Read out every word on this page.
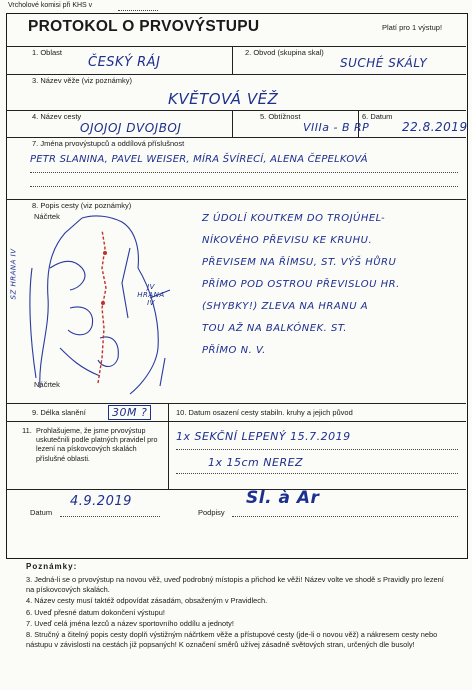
Vrcholové komisi při KHS v
PROTOKOL O PRVOVÝSTUPU	Platí pro 1 výstup!
1. Oblast
ČESKÝ RÁJ
2. Obvod (skupina skal)
SUCHÉ SKÁLY
3. Název věže (viz poznámky)
KVĚTOVÁ VĚŽ
4. Název cesty
OJOJOJ DVOJBOJ
5. Obtížnost
VIIIa - B RP
6. Datum
22.8.2019
7. Jména prvovýstupců a oddílová příslušnost
PETR SLANINA, PAVEL WEISER, MÍRA ŠVÍRECÍ, ALENA ČEPELKOVÁ
8. Popis cesty (viz poznámky)
Náčrtek
SZ HRANA IV	JV HRANA IV
Náčrtek
Z ÚDOLÍ KOUTKEM DO TROJÚHEL-
NÍKOVÉHO PŘEVISU KE KRUHU.
PŘEVISEM NA ŘÍMSU, ST. VÝŠ HŮRU
PŘÍMO POD OSTROU PŘEVISLOU HR.
(SHYBKY!) ZLEVA NA HRANU A
TOU AŽ NA BALKÓNEK. ST.
PŘÍMO N. V.
9. Délka slanění	30M ?	10. Datum osazení cesty stabiln. kruhy a jejich původ
11. Prohlašujeme, že jsme prvovýstup uskutečnili podle platných pravidel pro lezení na pískovcových skalách příslušné oblasti.
1x SEKČNÍ LEPENÝ 15.7.2019
1x 15cm NEREZ
Datum
4.9.2019
Podpisy
Sl. à Ar
Poznámky:
3. Jedná-li se o prvovýstup na novou věž, uveď podrobný místopis a přichod ke věži! Název volte ve shodě s Pravidly pro lezení na pískovcových skalách.
4. Název cesty musí taktéž odpovídat zásadám, obsaženým v Pravidlech.
6. Uveď přesné datum dokončení výstupu!
7. Uveď celá jména lezců a název sportovního oddílu a jednoty!
8. Stručný a čitelný popis cesty doplň výstižným náčrtkem věže a přístupové cesty (jde-li o novou věž) a nákresem cesty nebo nástupu v závislosti na cestách již popsaných! K označení směrů užívej zásadně světových stran, určených dle busoly!
